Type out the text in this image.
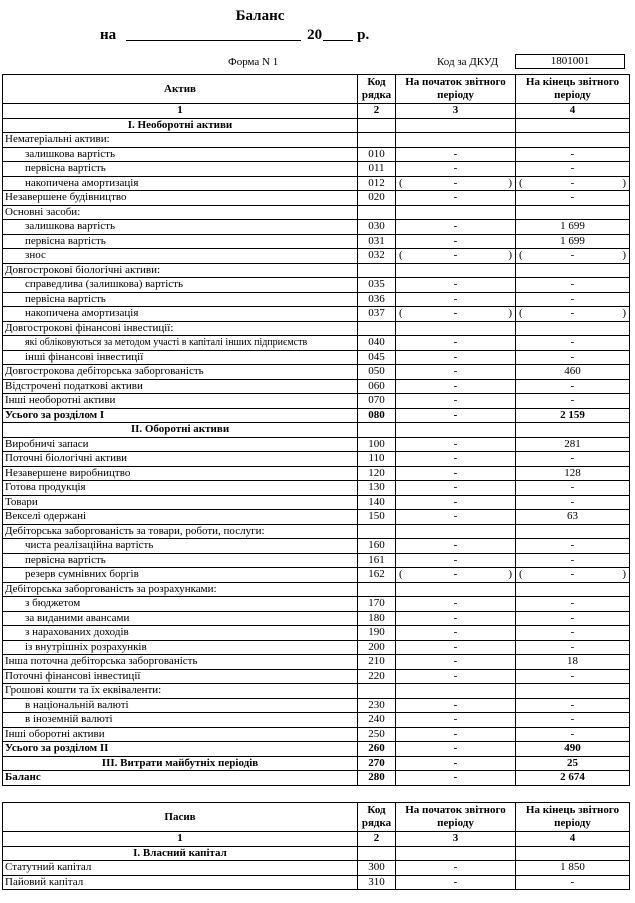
Баланс
на	20 р.
Форма N 1	Код за ДКУД	1801001
Актив	Код рядка	На початок звітного періоду	На кінець звітного періоду
1	2	3	4
I. Необоротні активи			
Нематеріальні активи:			
залишкова вартість	010	-	-
первісна вартість	011	-	-
накопичена амортизація	012	( - )	( - )

Незавершене будівництво	020	-	-
Основні засоби:			
залишкова вартість	030	-	1 699
первісна вартість	031	-	1 699
знос	032	( - )	( - )

Довгострокові біологічні активи:			
справедлива (залишкова) вартість	035	-	-
первісна вартість	036	-	-
накопичена амортизація	037	( - )	( - )

Довгострокові фінансові інвестиції:			
які обліковуються за методом участі в капіталі інших підприємств	040	-	-
інші фінансові інвестиції	045	-	-
Довгострокова дебіторська заборгованість	050	-	460
Відстрочені податкові активи	060	-	-
Інші необоротні активи	070	-	-
Усього за розділом I	080	-	2 159
II. Оборотні активи			
Виробничі запаси	100	-	281
Поточні біологічні активи	110	-	-
Незавершене виробництво	120	-	128
Готова продукція	130	-	-
Товари	140	-	-
Векселі одержані	150	-	63
Дебіторська заборгованість за товари, роботи, послуги:			
чиста реалізаційна вартість	160	-	-
первісна вартість	161	-	-
резерв сумнівних боргів	162	( - )	( - )

Дебіторська заборгованість за розрахунками:			
з бюджетом	170	-	-
за виданими авансами	180	-	-
з нарахованих доходів	190	-	-
із внутрішніх розрахунків	200	-	-
Інша поточна дебіторська заборгованість	210	-	18
Поточні фінансові інвестиції	220	-	-
Грошові кошти та їх еквіваленти:			
в національній валюті	230	-	-
в іноземній валюті	240	-	-
Інші оборотні активи	250	-	-
Усього за розділом II	260	-	490
III. Витрати майбутніх періодів	270	-	25
Баланс	280	-	2 674
Пасив	Код рядка	На початок звітного періоду	На кінець звітного періоду
1	2	3	4
I. Власний капітал			
Статутний капітал	300	-	1 850
Пайовий капітал	310	-	-
